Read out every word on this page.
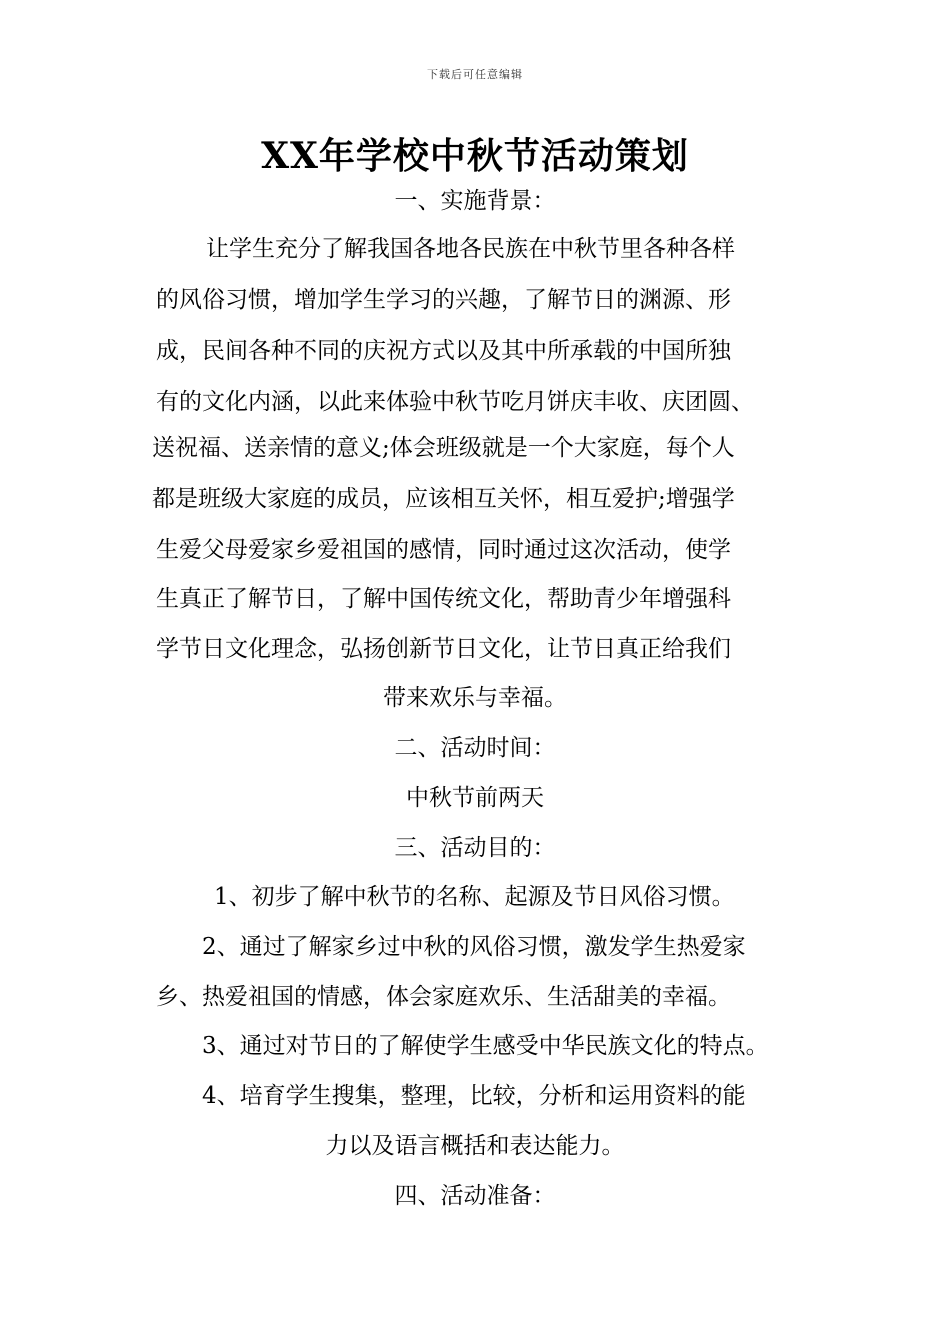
下载后可任意编辑
XX年学校中秋节活动策划
一、实施背景：
让学生充分了解我国各地各民族在中秋节里各种各样
的风俗习惯，增加学生学习的兴趣，了解节日的渊源、形
成，民间各种不同的庆祝方式以及其中所承载的中国所独
有的文化内涵，以此来体验中秋节吃月饼庆丰收、庆团圆、
送祝福、送亲情的意义;体会班级就是一个大家庭，每个人
都是班级大家庭的成员，应该相互关怀，相互爱护;增强学
生爱父母爱家乡爱祖国的感情，同时通过这次活动，使学
生真正了解节日，了解中国传统文化，帮助青少年增强科
学节日文化理念，弘扬创新节日文化，让节日真正给我们
带来欢乐与幸福。
二、活动时间：
中秋节前两天
三、活动目的：
1、初步了解中秋节的名称、起源及节日风俗习惯。
2、通过了解家乡过中秋的风俗习惯，激发学生热爱家
乡、热爱祖国的情感，体会家庭欢乐、生活甜美的幸福。
3、通过对节日的了解使学生感受中华民族文化的特点。
4、培育学生搜集，整理，比较，分析和运用资料的能
力以及语言概括和表达能力。
四、活动准备：
